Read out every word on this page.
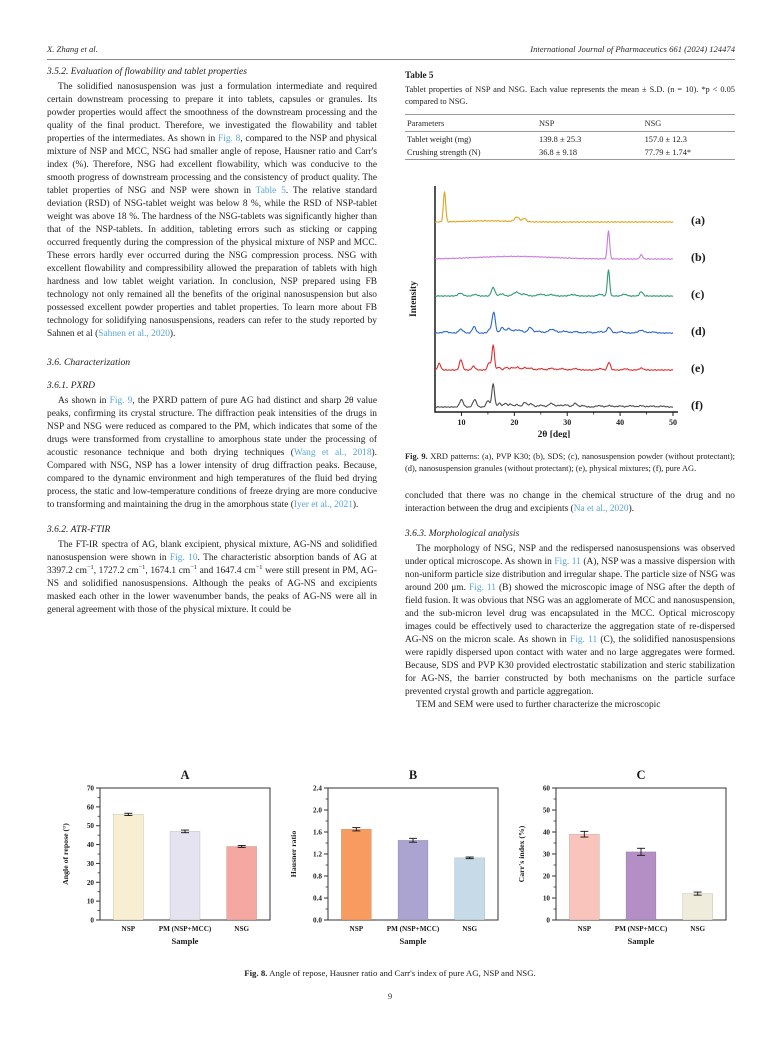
X. Zhang et al.	International Journal of Pharmaceutics 661 (2024) 124474
3.5.2. Evaluation of flowability and tablet properties

The solidified nanosuspension was just a formulation intermediate and required certain downstream processing to prepare it into tablets, capsules or granules. Its powder properties would affect the smoothness of the downstream processing and the quality of the final product. Therefore, we investigated the flowability and tablet properties of the intermediates. As shown in Fig. 8, compared to the NSP and physical mixture of NSP and MCC, NSG had smaller angle of repose, Hausner ratio and Carr's index (%). Therefore, NSG had excellent flowability, which was conducive to the smooth progress of downstream processing and the consistency of product quality. The tablet properties of NSG and NSP were shown in Table 5. The relative standard deviation (RSD) of NSG-tablet weight was below 8 %, while the RSD of NSP-tablet weight was above 18 %. The hardness of the NSG-tablets was significantly higher than that of the NSP-tablets. In addition, tableting errors such as sticking or capping occurred frequently during the compression of the physical mixture of NSP and MCC. These errors hardly ever occurred during the NSG compression process. NSG with excellent flowability and compressibility allowed the preparation of tablets with high hardness and low tablet weight variation. In conclusion, NSP prepared using FB technology not only remained all the benefits of the original nanosuspension but also possessed excellent powder properties and tablet properties. To learn more about FB technology for solidifying nanosuspensions, readers can refer to the study reported by Sahnen et al (Sahnen et al., 2020).

3.6. Characterization
3.6.1. PXRD

As shown in Fig. 9, the PXRD pattern of pure AG had distinct and sharp 2θ value peaks, confirming its crystal structure. The diffraction peak intensities of the drugs in NSP and NSG were reduced as compared to the PM, which indicates that some of the drugs were transformed from crystalline to amorphous state under the processing of acoustic resonance technique and both drying techniques (Wang et al., 2018). Compared with NSG, NSP has a lower intensity of drug diffraction peaks. Because, compared to the dynamic environment and high temperatures of the fluid bed drying process, the static and low-temperature conditions of freeze drying are more conducive to transforming and maintaining the drug in the amorphous state (Iyer et al., 2021).

3.6.2. ATR-FTIR

The FT-IR spectra of AG, blank excipient, physical mixture, AG-NS and solidified nanosuspension were shown in Fig. 10. The characteristic absorption bands of AG at 3397.2 $cm^{-1}$, 1727.2 $cm^{-1}$, 1674.1 $cm^{-1}$ and 1647.4 $cm^{-1}$ were still present in PM, AG-NS and solidified nanosuspensions. Although the peaks of AG-NS and excipients masked each other in the lower wavenumber bands, the peaks of AG-NS were all in general agreement with those of the physical mixture. It could be

Table 5

Tablet properties of NSP and NSG. Each value represents the mean ± S.D. (n = 10). *p < 0.05 compared to NSG.

Parameters	NSP	NSG
Tablet weight (mg)	139.8 ± 25.3	157.0 ± 12.3
Crushing strength (N)	36.8 ± 9.18	77.79 ± 1.74*
10	20	30	40	50
2θ [deg]
Intensity
(a)
(b)
(c)
(d)
(e)
(f)

Fig. 9. XRD patterns: (a), PVP K30; (b), SDS; (c), nanosuspension powder (without protectant); (d), nanosuspension granules (without protectant); (e), physical mixtures; (f), pure AG.

concluded that there was no change in the chemical structure of the drug and no interaction between the drug and excipients (Na et al., 2020).

3.6.3. Morphological analysis

The morphology of NSG, NSP and the redispersed nanosuspensions was observed under optical microscope. As shown in Fig. 11 (A), NSP was a massive dispersion with non-uniform particle size distribution and irregular shape. The particle size of NSG was around 200 μm. Fig. 11 (B) showed the microscopic image of NSG after the depth of field fusion. It was obvious that NSG was an agglomerate of MCC and nanosuspension, and the sub-micron level drug was encapsulated in the MCC. Optical microscopy images could be effectively used to characterize the aggregation state of re-dispersed AG-NS on the micron scale. As shown in Fig. 11 (C), the solidified nanosuspensions were rapidly dispersed upon contact with water and no large aggregates were formed. Because, SDS and PVP K30 provided electrostatic stabilization and steric stabilization for AG-NS, the barrier constructed by both mechanisms on the particle surface prevented crystal growth and particle aggregation.

TEM and SEM were used to further characterize the microscopic

A
0
10
20
30
40
50
60
70
NSP	PM (NSP+MCC)	NSG
Sample
Angle of repose (°)
B
0.0
0.4
0.8
1.2
1.6
2.0
2.4
NSP	PM (NSP+MCC)	NSG
Sample
Hausner ratio
C
0
10
20
30
40
50
60
NSP	PM (NSP+MCC)	NSG
Sample
Carr's index (%)

Fig. 8. Angle of repose, Hausner ratio and Carr's index of pure AG, NSP and NSG.

9
